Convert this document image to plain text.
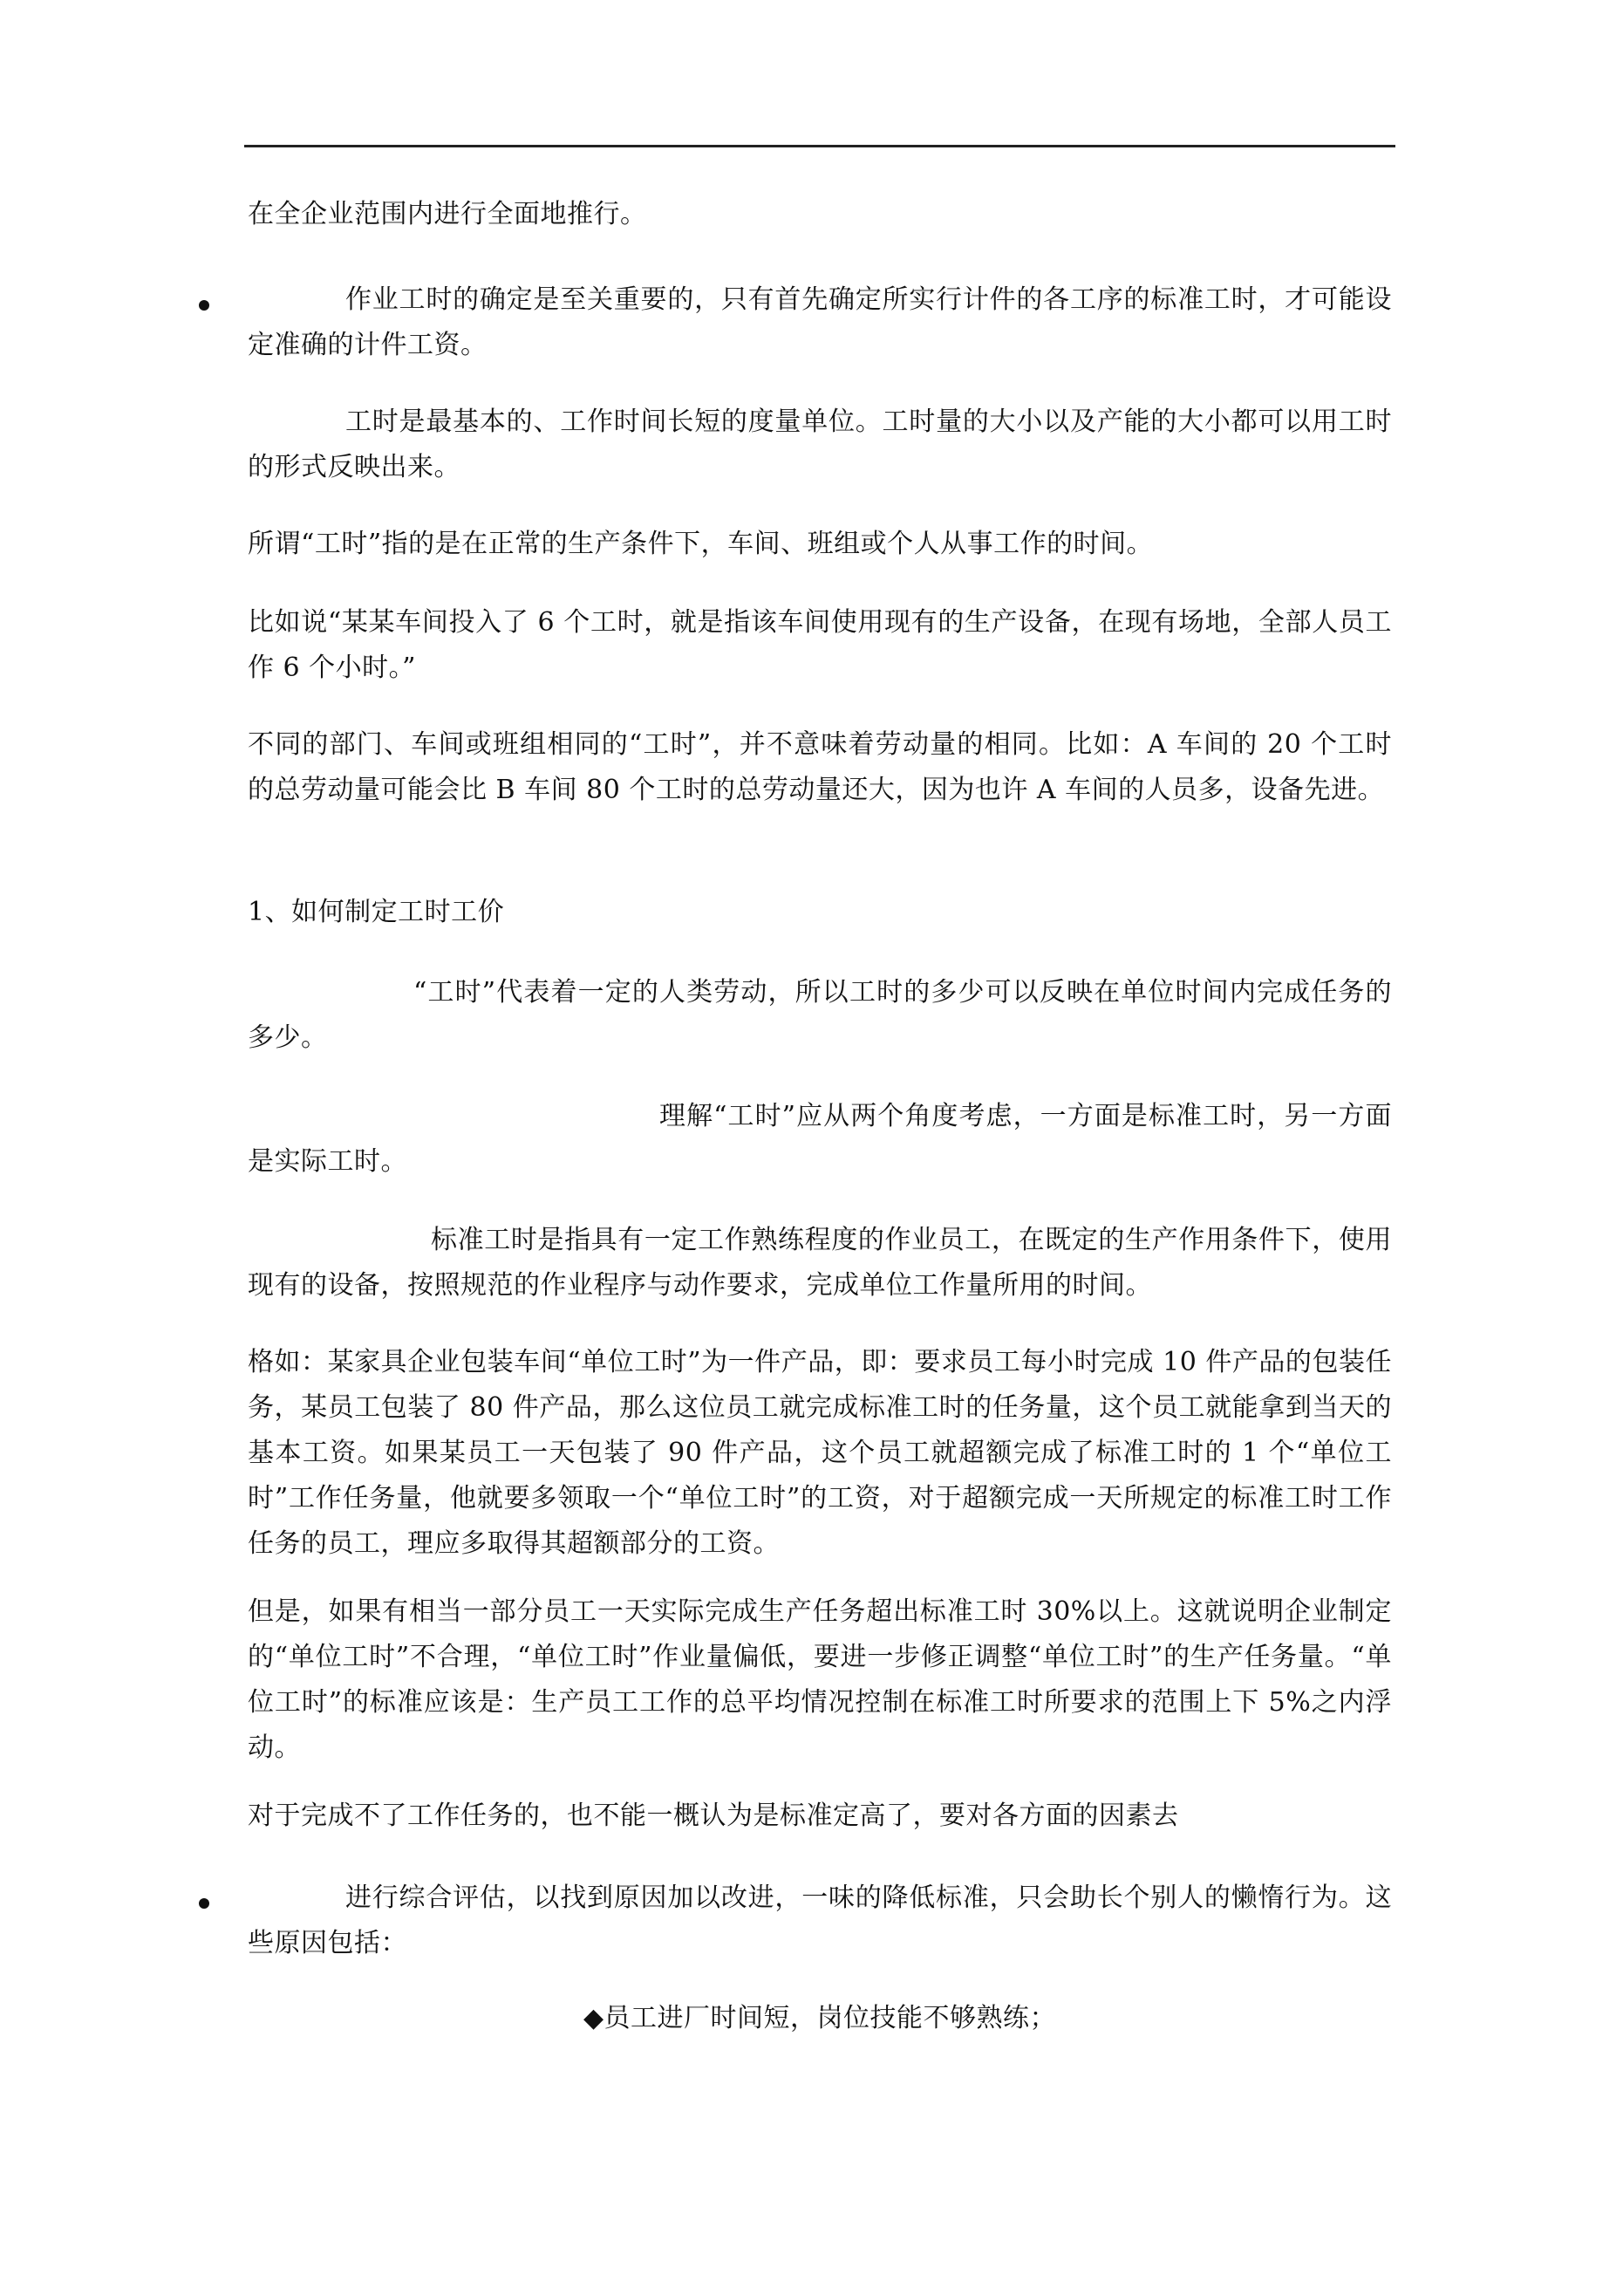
在全企业范围内进行全面地推行。

作业工时的确定是至关重要的，只有首先确定所实行计件的各工序的标准工时，才可能设定准确的计件工资。

工时是最基本的、工作时间长短的度量单位。工时量的大小以及产能的大小都可以用工时的形式反映出来。

所谓“工时”指的是在正常的生产条件下，车间、班组或个人从事工作的时间。

比如说“某某车间投入了 6 个工时，就是指该车间使用现有的生产设备，在现有场地，全部人员工作 6 个小时。”

不同的部门、车间或班组相同的“工时”，并不意味着劳动量的相同。比如：A 车间的 20 个工时的总劳动量可能会比 B 车间 80 个工时的总劳动量还大，因为也许 A 车间的人员多，设备先进。

1、如何制定工时工价

“工时”代表着一定的人类劳动，所以工时的多少可以反映在单位时间内完成任务的多少。

理解“工时”应从两个角度考虑，一方面是标准工时，另一方面是实际工时。

标准工时是指具有一定工作熟练程度的作业员工，在既定的生产作用条件下，使用现有的设备，按照规范的作业程序与动作要求，完成单位工作量所用的时间。

格如：某家具企业包装车间“单位工时”为一件产品，即：要求员工每小时完成 10 件产品的包装任务，某员工包装了 80 件产品，那么这位员工就完成标准工时的任务量，这个员工就能拿到当天的基本工资。如果某员工一天包装了 90 件产品，这个员工就超额完成了标准工时的 1 个“单位工时”工作任务量，他就要多领取一个“单位工时”的工资，对于超额完成一天所规定的标准工时工作任务的员工，理应多取得其超额部分的工资。

但是，如果有相当一部分员工一天实际完成生产任务超出标准工时 30%以上。这就说明企业制定的“单位工时”不合理，“单位工时”作业量偏低，要进一步修正调整“单位工时”的生产任务量。“单位工时”的标准应该是：生产员工工作的总平均情况控制在标准工时所要求的范围上下 5%之内浮动。

对于完成不了工作任务的，也不能一概认为是标准定高了，要对各方面的因素去

进行综合评估，以找到原因加以改进，一味的降低标准，只会助长个别人的懒惰行为。这些原因包括：

◆员工进厂时间短，岗位技能不够熟练；
